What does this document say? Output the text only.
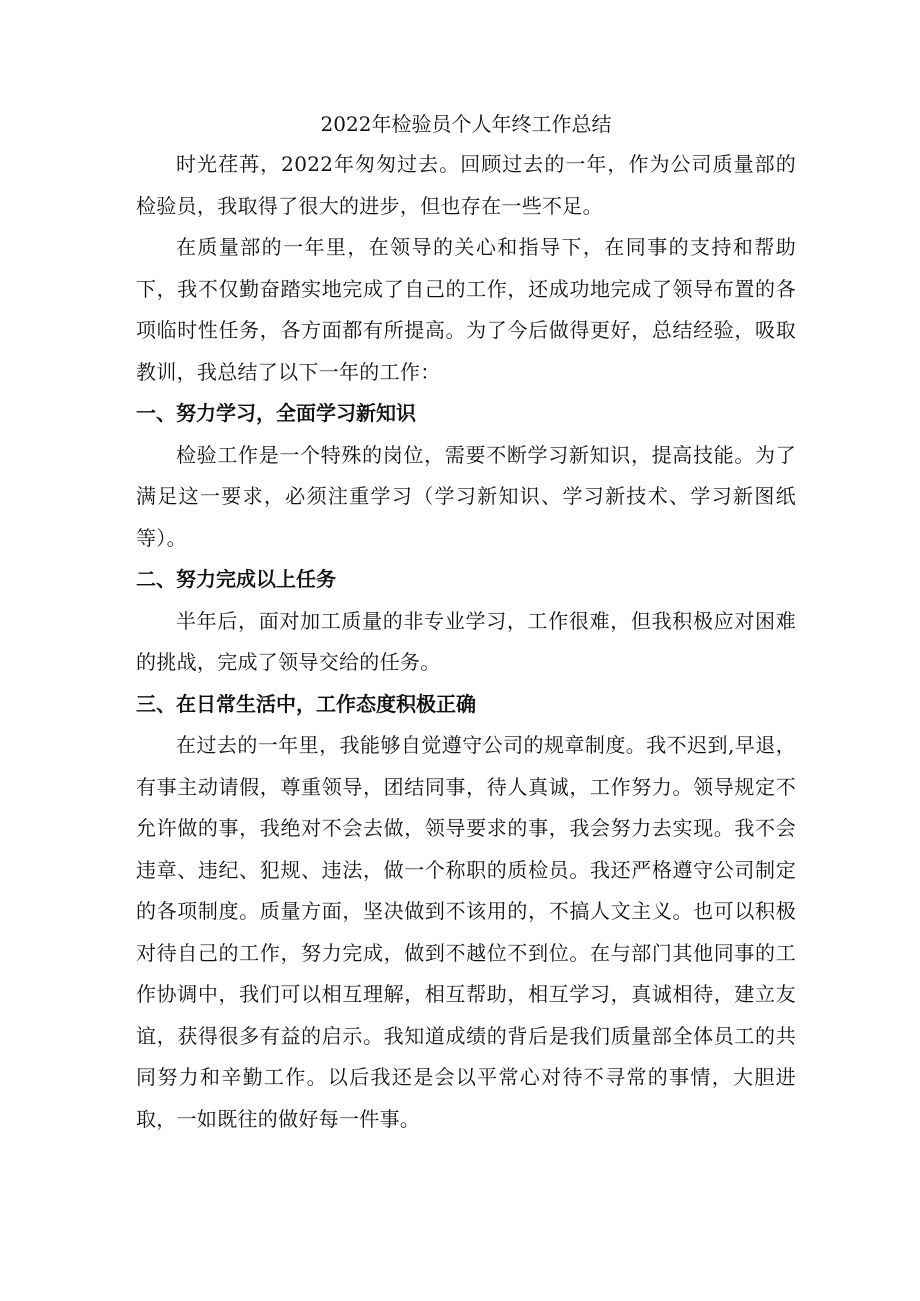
2022年检验员个人年终工作总结

时光荏苒，2022年匆匆过去。回顾过去的一年，作为公司质量部的检验员，我取得了很大的进步，但也存在一些不足。

在质量部的一年里，在领导的关心和指导下，在同事的支持和帮助下，我不仅勤奋踏实地完成了自己的工作，还成功地完成了领导布置的各项临时性任务，各方面都有所提高。为了今后做得更好，总结经验，吸取教训，我总结了以下一年的工作：

一、努力学习，全面学习新知识

检验工作是一个特殊的岗位，需要不断学习新知识，提高技能。为了满足这一要求，必须注重学习（学习新知识、学习新技术、学习新图纸等）。

二、努力完成以上任务

半年后，面对加工质量的非专业学习，工作很难，但我积极应对困难的挑战，完成了领导交给的任务。

三、在日常生活中，工作态度积极正确

在过去的一年里，我能够自觉遵守公司的规章制度。我不迟到,早退，有事主动请假，尊重领导，团结同事，待人真诚，工作努力。领导规定不允许做的事，我绝对不会去做，领导要求的事，我会努力去实现。我不会违章、违纪、犯规、违法，做一个称职的质检员。我还严格遵守公司制定的各项制度。质量方面，坚决做到不该用的，不搞人文主义。也可以积极对待自己的工作，努力完成，做到不越位不到位。在与部门其他同事的工作协调中，我们可以相互理解，相互帮助，相互学习，真诚相待，建立友谊，获得很多有益的启示。我知道成绩的背后是我们质量部全体员工的共同努力和辛勤工作。以后我还是会以平常心对待不寻常的事情，大胆进取，一如既往的做好每一件事。
